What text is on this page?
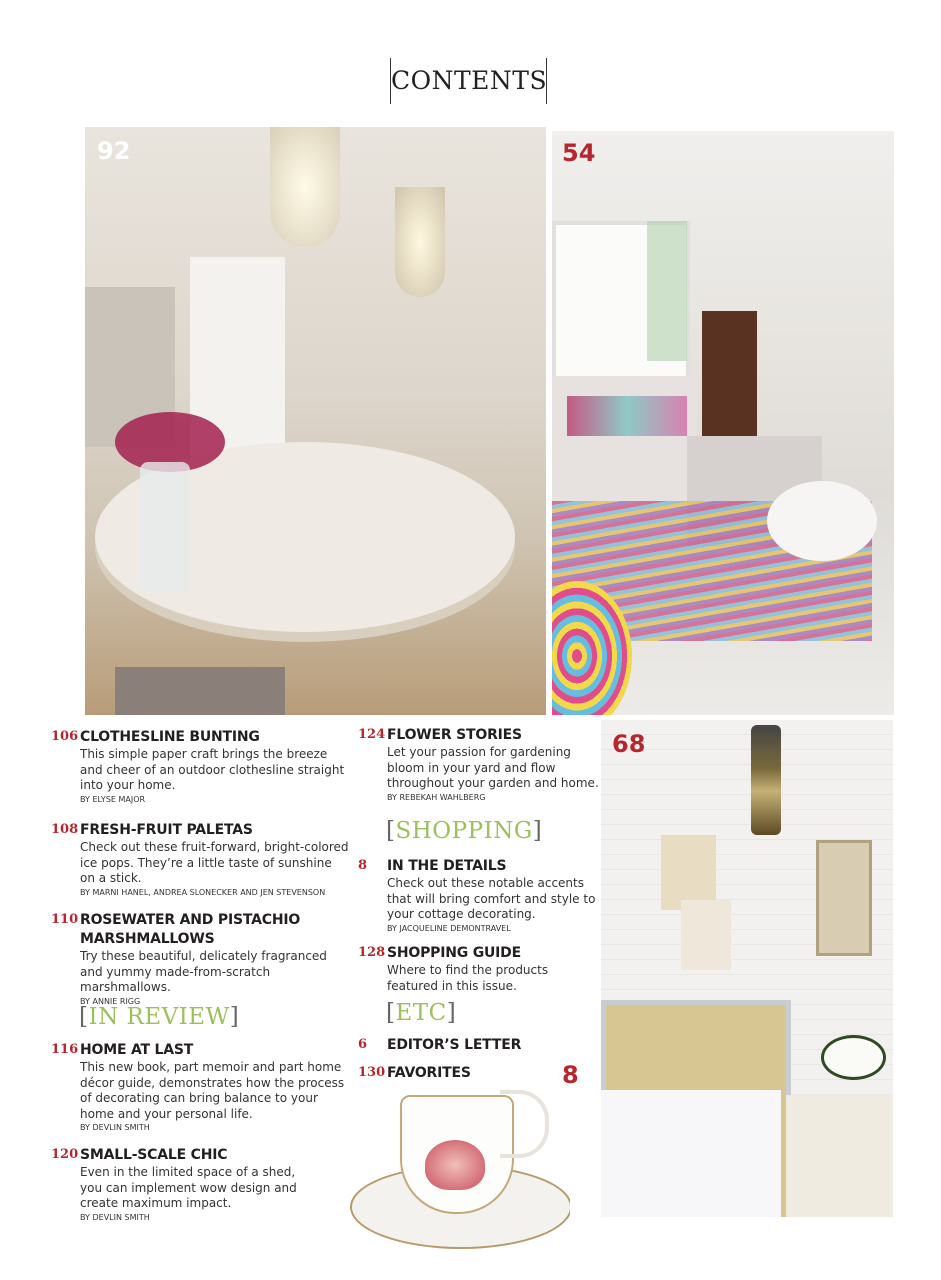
CONTENTS
92	54
68
8
106 CLOTHESLINE BUNTING
This simple paper craft brings the breeze and cheer of an outdoor clothesline straight into your home.
BY ELYSE MAJOR
108 FRESH-FRUIT PALETAS
Check out these fruit-forward, bright-colored ice pops. They’re a little taste of sunshine on a stick.
BY MARNI HANEL, ANDREA SLONECKER AND JEN STEVENSON
110 ROSEWATER AND PISTACHIO MARSHMALLOWS
Try these beautiful, delicately fragranced and yummy made-from-scratch marshmallows.
BY ANNIE RIGG
[IN REVIEW]
116 HOME AT LAST
This new book, part memoir and part home décor guide, demonstrates how the process of decorating can bring balance to your home and your personal life.
BY DEVLIN SMITH
120 SMALL-SCALE CHIC
Even in the limited space of a shed, you can implement wow design and create maximum impact.
BY DEVLIN SMITH
124 FLOWER STORIES
Let your passion for gardening bloom in your yard and flow throughout your garden and home.
BY REBEKAH WAHLBERG
[SHOPPING]
8 IN THE DETAILS
Check out these notable accents that will bring comfort and style to your cottage decorating.
BY JACQUELINE DEMONTRAVEL
128 SHOPPING GUIDE
Where to find the products featured in this issue.
[ETC]
6 EDITOR’S LETTER
130 FAVORITES
